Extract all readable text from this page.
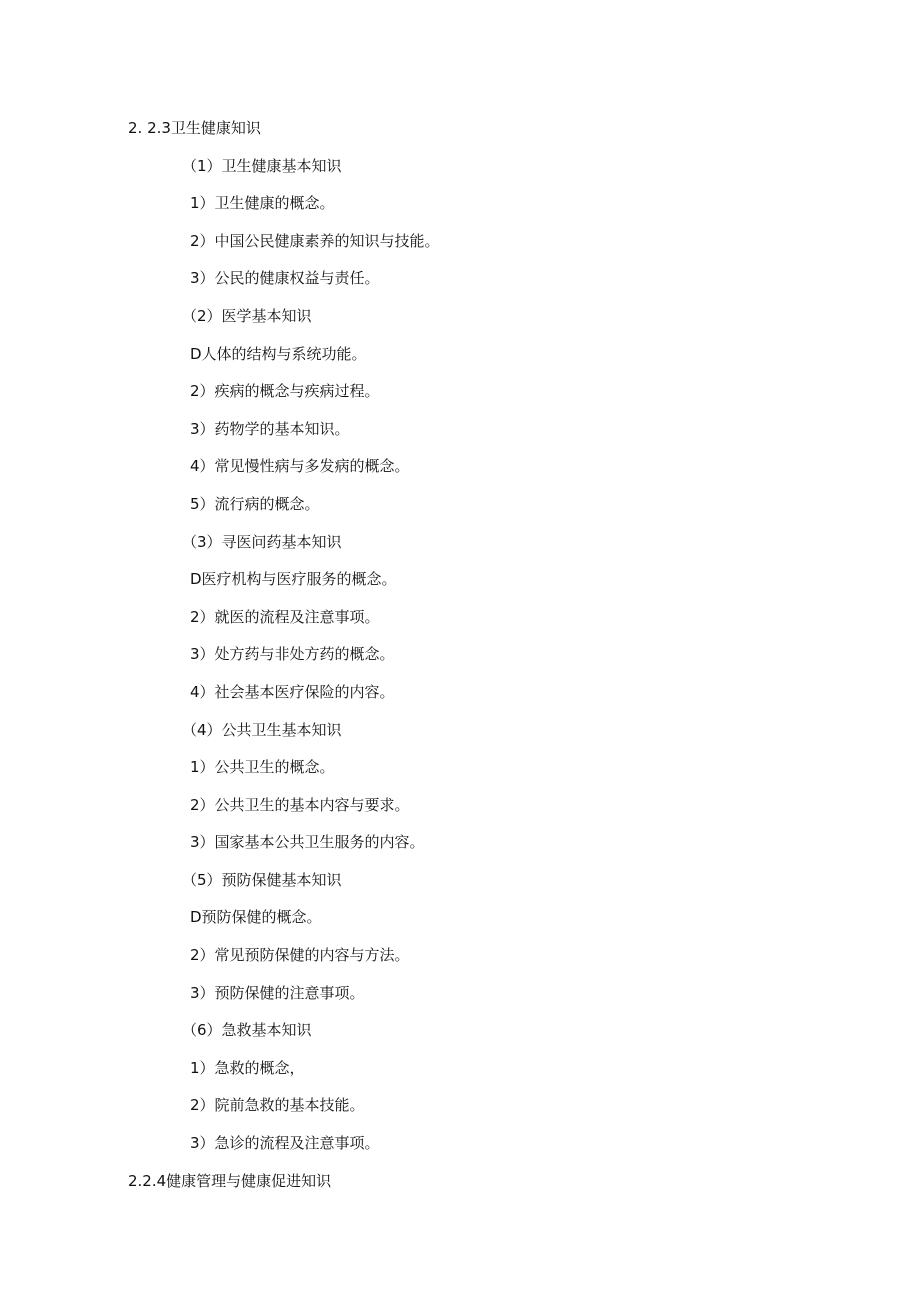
2. 2.3卫生健康知识
（1）卫生健康基本知识
1）卫生健康的概念。
2）中国公民健康素养的知识与技能。
3）公民的健康权益与责任。
（2）医学基本知识
D人体的结构与系统功能。
2）疾病的概念与疾病过程。
3）药物学的基本知识。
4）常见慢性病与多发病的概念。
5）流行病的概念。
（3）寻医问药基本知识
D医疗机构与医疗服务的概念。
2）就医的流程及注意事项。
3）处方药与非处方药的概念。
4）社会基本医疗保险的内容。
（4）公共卫生基本知识
1）公共卫生的概念。
2）公共卫生的基本内容与要求。
3）国家基本公共卫生服务的内容。
（5）预防保健基本知识
D预防保健的概念。
2）常见预防保健的内容与方法。
3）预防保健的注意事项。
（6）急救基本知识
1）急救的概念，
2）院前急救的基本技能。
3）急诊的流程及注意事项。
2.2.4健康管理与健康促进知识
